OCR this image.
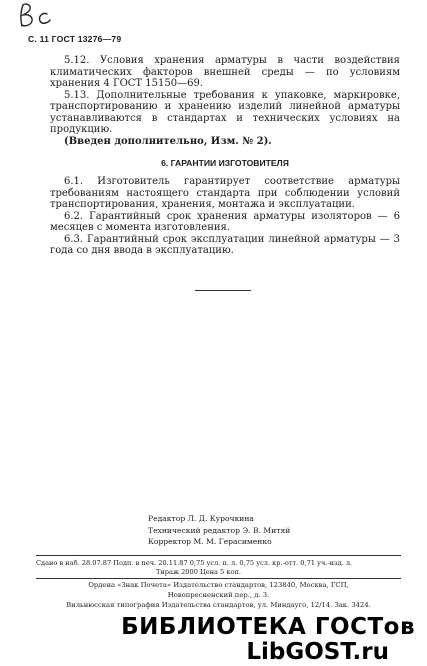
С. 11 ГОСТ 13276—79

5.12. Условия хранения арматуры в части воздействия климатических факторов внешней среды — по условиям хранения 4 ГОСТ 15150—69.

5.13. Дополнительные требования к упаковке, маркировке, транспортированию и хранению изделий линейной арматуры устанавливаются в стандартах и технических условиях на продукцию.

(Введен дополнительно, Изм. № 2).

6. ГАРАНТИИ ИЗГОТОВИТЕЛЯ

6.1. Изготовитель гарантирует соответствие арматуры требованиям настоящего стандарта при соблюдении условий транспортирования, хранения, монтажа и эксплуатации.

6.2. Гарантийный срок хранения арматуры изоляторов — 6 месяцев с момента изготовления.

6.3. Гарантийный срок эксплуатации линейной арматуры — 3 года со дня ввода в эксплуатацию.

Редактор Л. Д. Курочкина
Технический редактор Э. В. Митяй
Корректор М. М. Герасименко
Сдано в наб. 28.07.87 Подп. в печ. 20.11.87 0,75 усл. п. л. 0,75 усл. кр.-отт. 0,71 уч.-изд. л.
Тираж 2000 Цена 5 коп.
Ордена «Знак Почета» Издательство стандартов, 123840, Москва, ГСП,
Новопресненский пер., д. 3.
Вильнюсская типография Издательства стандартов, ул. Миндауго, 12/14. Зак. 3424.
БИБЛИОТЕКА ГОСТов
LibGOST.ru
